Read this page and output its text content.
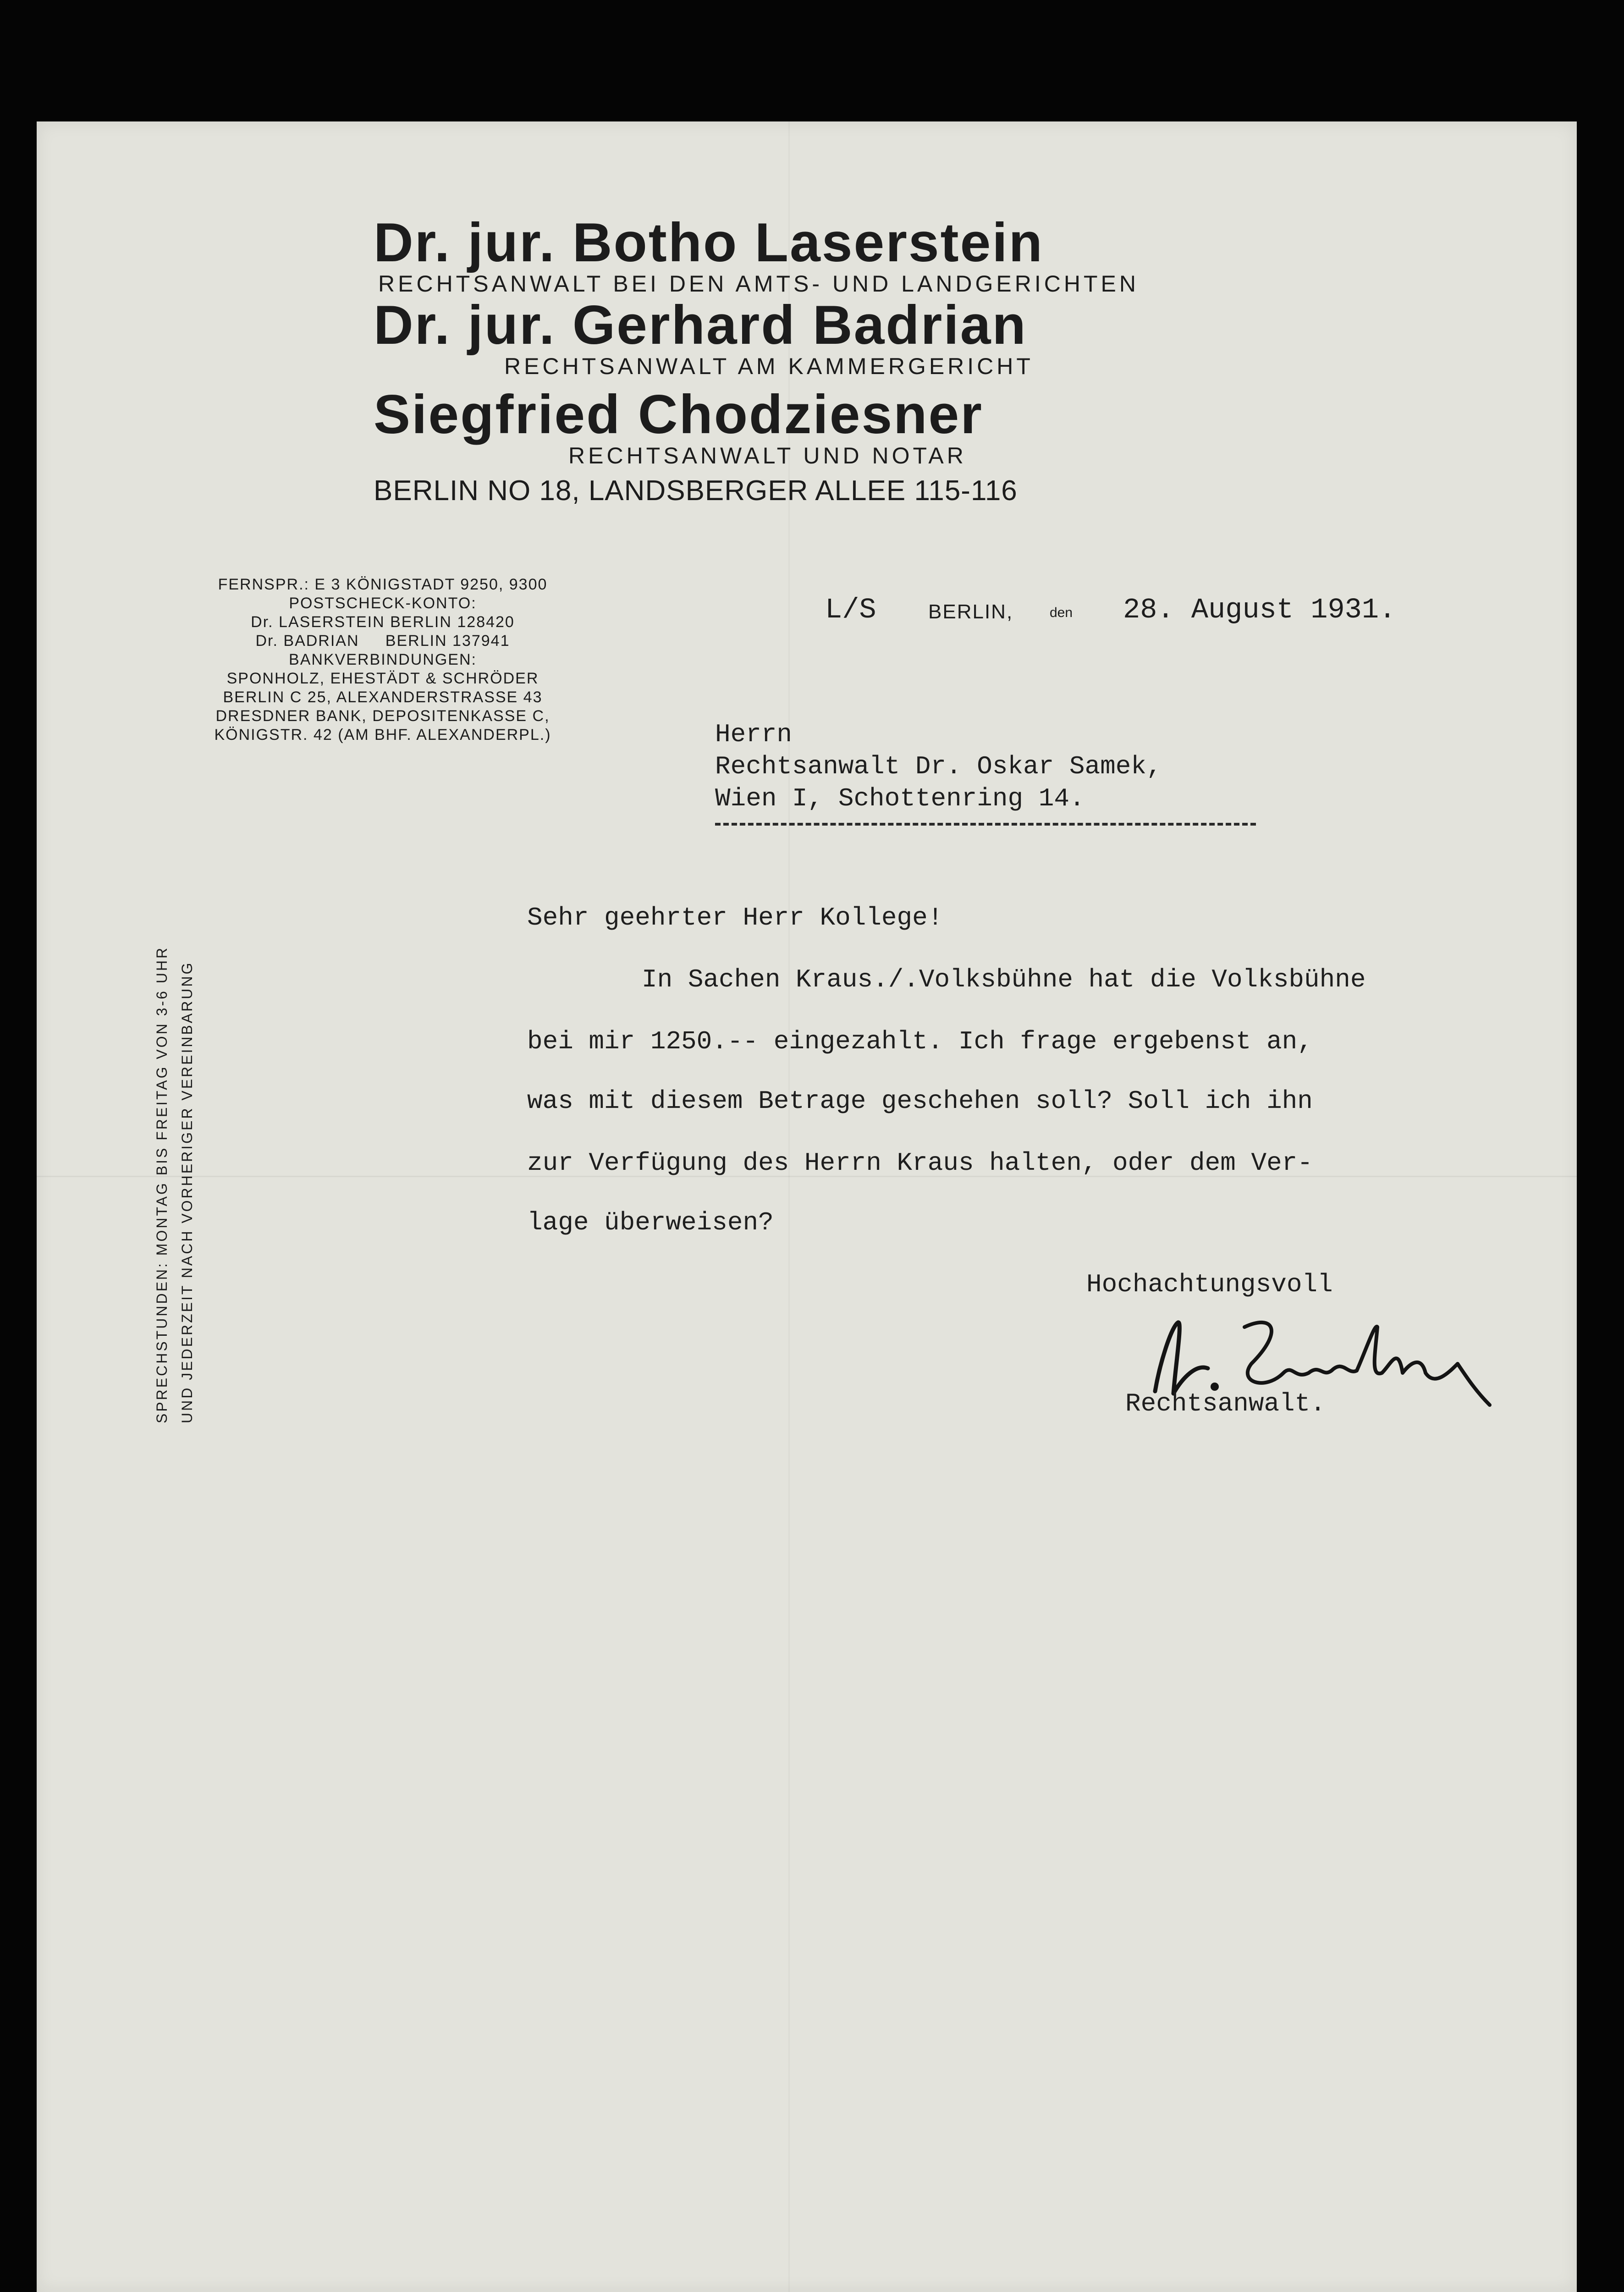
Dr. jur. Botho Laserstein
RECHTSANWALT BEI DEN AMTS- UND LANDGERICHTEN
Dr. jur. Gerhard Badrian
RECHTSANWALT AM KAMMERGERICHT
Siegfried Chodziesner
RECHTSANWALT UND NOTAR
BERLIN NO 18, LANDSBERGER ALLEE 115-116
FERNSPR.: E 3 KÖNIGSTADT 9250, 9300
POSTSCHECK-KONTO:
Dr. LASERSTEIN BERLIN 128420
Dr. BADRIAN     BERLIN 137941
BANKVERBINDUNGEN:
SPONHOLZ, EHESTÄDT & SCHRÖDER
BERLIN C 25, ALEXANDERSTRASSE 43
DRESDNER BANK, DEPOSITENKASSE C,
KÖNIGSTR. 42 (AM BHF. ALEXANDERPL.)
SPRECHSTUNDEN: MONTAG BIS FREITAG VON 3-6 UHR UND JEDERZEIT NACH VORHERIGER VEREINBARUNG
L/S	BERLIN,	den 28. August 1931.
Herrn
Rechtsanwalt Dr. Oskar Samek,
Wien I, Schottenring 14.
Sehr geehrter Herr Kollege!
In Sachen Kraus./.Volksbühne hat die Volksbühne
bei mir 1250.-- eingezahlt. Ich frage ergebenst an,
was mit diesem Betrage geschehen soll? Soll ich ihn
zur Verfügung des Herrn Kraus halten, oder dem Ver-
lage überweisen?
Hochachtungsvoll
Rechtsanwalt.
